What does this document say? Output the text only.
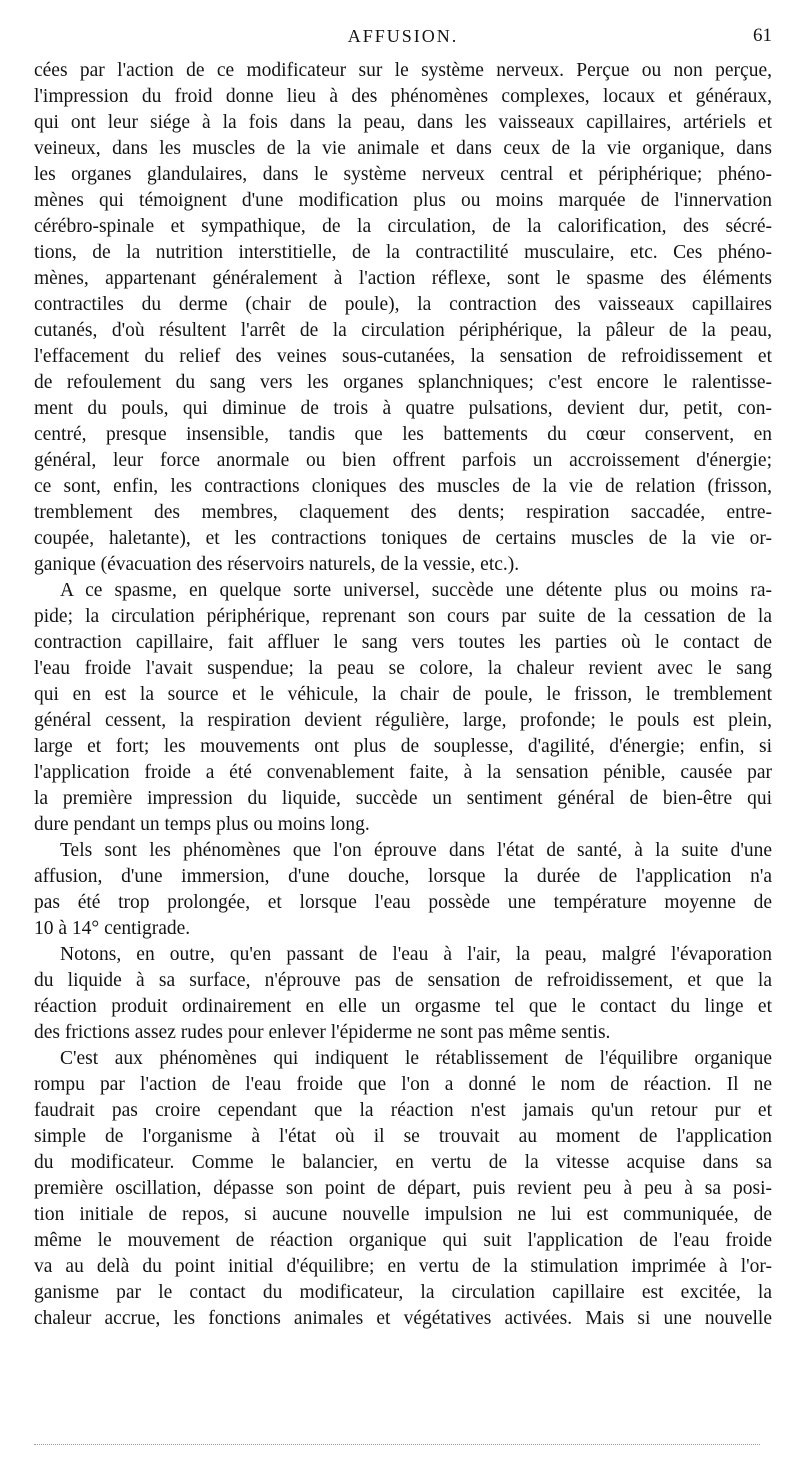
AFFUSION.	61
cées par l'action de ce modificateur sur le système nerveux. Perçue ou non perçue,
l'impression du froid donne lieu à des phénomènes complexes, locaux et généraux,
qui ont leur siége à la fois dans la peau, dans les vaisseaux capillaires, artériels et
veineux, dans les muscles de la vie animale et dans ceux de la vie organique, dans
les organes glandulaires, dans le système nerveux central et périphérique; phéno-
mènes qui témoignent d'une modification plus ou moins marquée de l'innervation
cérébro-spinale et sympathique, de la circulation, de la calorification, des sécré-
tions, de la nutrition interstitielle, de la contractilité musculaire, etc. Ces phéno-
mènes, appartenant généralement à l'action réflexe, sont le spasme des éléments
contractiles du derme (chair de poule), la contraction des vaisseaux capillaires
cutanés, d'où résultent l'arrêt de la circulation périphérique, la pâleur de la peau,
l'effacement du relief des veines sous-cutanées, la sensation de refroidissement et
de refoulement du sang vers les organes splanchniques; c'est encore le ralentisse-
ment du pouls, qui diminue de trois à quatre pulsations, devient dur, petit, con-
centré, presque insensible, tandis que les battements du cœur conservent, en
général, leur force anormale ou bien offrent parfois un accroissement d'énergie;
ce sont, enfin, les contractions cloniques des muscles de la vie de relation (frisson,
tremblement des membres, claquement des dents; respiration saccadée, entre-
coupée, haletante), et les contractions toniques de certains muscles de la vie or-
ganique (évacuation des réservoirs naturels, de la vessie, etc.).
A ce spasme, en quelque sorte universel, succède une détente plus ou moins ra-
pide; la circulation périphérique, reprenant son cours par suite de la cessation de la
contraction capillaire, fait affluer le sang vers toutes les parties où le contact de
l'eau froide l'avait suspendue; la peau se colore, la chaleur revient avec le sang
qui en est la source et le véhicule, la chair de poule, le frisson, le tremblement
général cessent, la respiration devient régulière, large, profonde; le pouls est plein,
large et fort; les mouvements ont plus de souplesse, d'agilité, d'énergie; enfin, si
l'application froide a été convenablement faite, à la sensation pénible, causée par
la première impression du liquide, succède un sentiment général de bien-être qui
dure pendant un temps plus ou moins long.
Tels sont les phénomènes que l'on éprouve dans l'état de santé, à la suite d'une
affusion, d'une immersion, d'une douche, lorsque la durée de l'application n'a
pas été trop prolongée, et lorsque l'eau possède une température moyenne de
10 à 14° centigrade.
Notons, en outre, qu'en passant de l'eau à l'air, la peau, malgré l'évaporation
du liquide à sa surface, n'éprouve pas de sensation de refroidissement, et que la
réaction produit ordinairement en elle un orgasme tel que le contact du linge et
des frictions assez rudes pour enlever l'épiderme ne sont pas même sentis.
C'est aux phénomènes qui indiquent le rétablissement de l'équilibre organique
rompu par l'action de l'eau froide que l'on a donné le nom de réaction. Il ne
faudrait pas croire cependant que la réaction n'est jamais qu'un retour pur et
simple de l'organisme à l'état où il se trouvait au moment de l'application
du modificateur. Comme le balancier, en vertu de la vitesse acquise dans sa
première oscillation, dépasse son point de départ, puis revient peu à peu à sa posi-
tion initiale de repos, si aucune nouvelle impulsion ne lui est communiquée, de
même le mouvement de réaction organique qui suit l'application de l'eau froide
va au delà du point initial d'équilibre; en vertu de la stimulation imprimée à l'or-
ganisme par le contact du modificateur, la circulation capillaire est excitée, la
chaleur accrue, les fonctions animales et végétatives activées. Mais si une nouvelle
